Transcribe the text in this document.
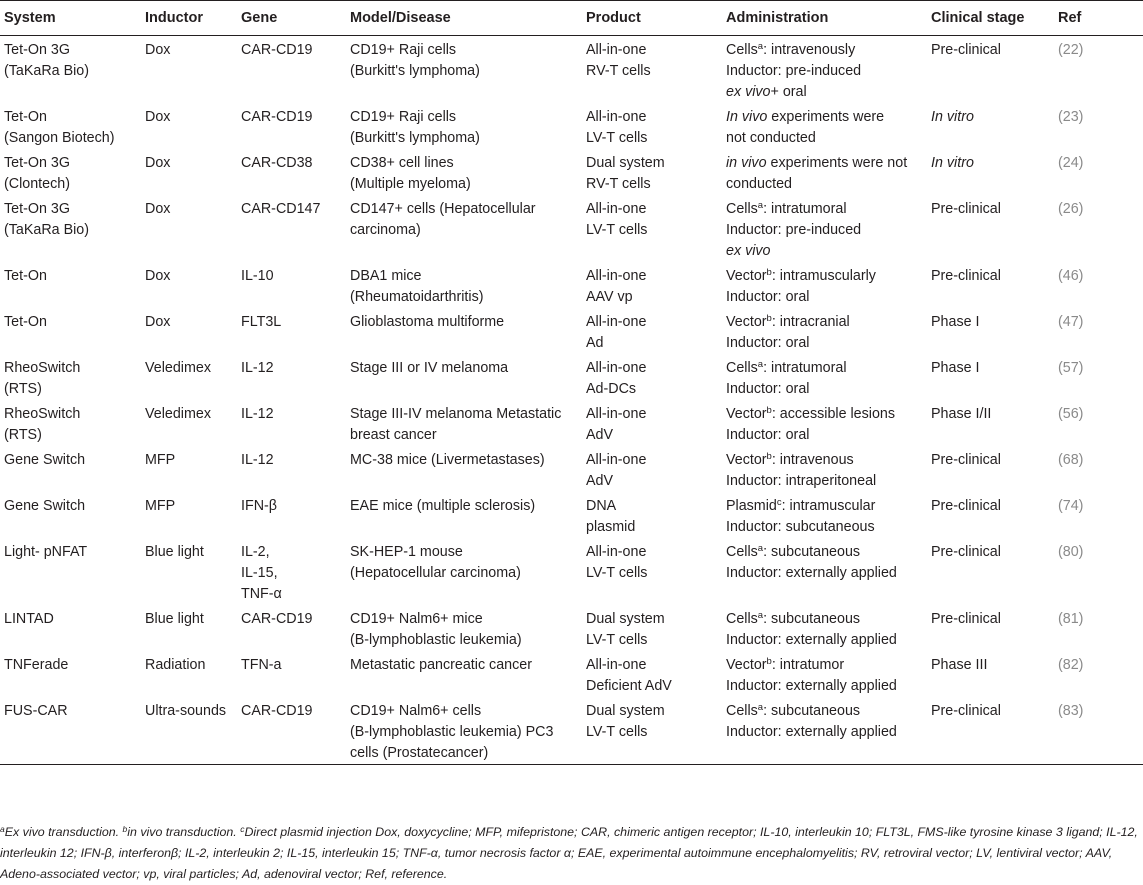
System	Inductor	Gene	Model/Disease	Product	Administration	Clinical stage	Ref

Tet-On 3G
(TaKaRa Bio)	Dox	CAR-CD19	CD19+ Raji cells
(Burkitt's lymphoma)	All-in-one
RV-T cells	Cells$^a$: intravenously
Inductor: pre-induced
ex vivo+ oral	Pre-clinical	(22)

Tet-On
(Sangon Biotech)	Dox	CAR-CD19	CD19+ Raji cells
(Burkitt's lymphoma)	All-in-one
LV-T cells	In vivo experiments were
not conducted	In vitro	(23)

Tet-On 3G
(Clontech)	Dox	CAR-CD38	CD38+ cell lines
(Multiple myeloma)	Dual system
RV-T cells	in vivo experiments were not
conducted	In vitro	(24)

Tet-On 3G
(TaKaRa Bio)	Dox	CAR-CD147	CD147+ cells (Hepatocellular
carcinoma)	All-in-one
LV-T cells	Cells$^a$: intratumoral
Inductor: pre-induced
ex vivo	Pre-clinical	(26)

Tet-On	Dox	IL-10	DBA1 mice
(Rheumatoidarthritis)	All-in-one
AAV vp	Vector$^b$: intramuscularly
Inductor: oral	Pre-clinical	(46)

Tet-On	Dox	FLT3L	Glioblastoma multiforme	All-in-one
Ad	Vector$^b$: intracranial
Inductor: oral	Phase I	(47)

RheoSwitch
(RTS)	Veledimex	IL-12	Stage III or IV melanoma	All-in-one
Ad-DCs	Cells$^a$: intratumoral
Inductor: oral	Phase I	(57)

RheoSwitch
(RTS)	Veledimex	IL-12	Stage III-IV melanoma Metastatic
breast cancer	All-in-one
AdV	Vector$^b$: accessible lesions
Inductor: oral	Phase I/II	(56)

Gene Switch	MFP	IL-12	MC-38 mice (Livermetastases)	All-in-one
AdV	Vector$^b$: intravenous
Inductor: intraperitoneal	Pre-clinical	(68)

Gene Switch	MFP	IFN-β	EAE mice (multiple sclerosis)	DNA
plasmid	Plasmid$^c$: intramuscular
Inductor: subcutaneous	Pre-clinical	(74)

Light- pNFAT	Blue light	IL-2,
IL-15,
TNF-α	SK-HEP-1 mouse
(Hepatocellular carcinoma)	All-in-one
LV-T cells	Cells$^a$: subcutaneous
Inductor: externally applied	Pre-clinical	(80)

LINTAD	Blue light	CAR-CD19	CD19+ Nalm6+ mice
(B-lymphoblastic leukemia)	Dual system
LV-T cells	Cells$^a$: subcutaneous
Inductor: externally applied	Pre-clinical	(81)

TNFerade	Radiation	TFN-a	Metastatic pancreatic cancer	All-in-one
Deficient AdV	Vector$^b$: intratumor
Inductor: externally applied	Phase III	(82)

FUS-CAR	Ultra-sounds	CAR-CD19	CD19+ Nalm6+ cells
(B-lymphoblastic leukemia) PC3
cells (Prostatecancer)	Dual system
LV-T cells	Cells$^a$: subcutaneous
Inductor: externally applied	Pre-clinical	(83)
$^a$Ex vivo transduction. $^b$in vivo transduction. $^c$Direct plasmid injection Dox, doxycycline; MFP, mifepristone; CAR, chimeric antigen receptor; IL-10, interleukin 10; FLT3L, FMS-like tyrosine kinase 3 ligand; IL-12, interleukin 12; IFN-β, interferonβ; IL-2, interleukin 2; IL-15, interleukin 15; TNF-α, tumor necrosis factor α; EAE, experimental autoimmune encephalomyelitis; RV, retroviral vector; LV, lentiviral vector; AAV, Adeno-associated vector; vp, viral particles; Ad, adenoviral vector; Ref, reference.
